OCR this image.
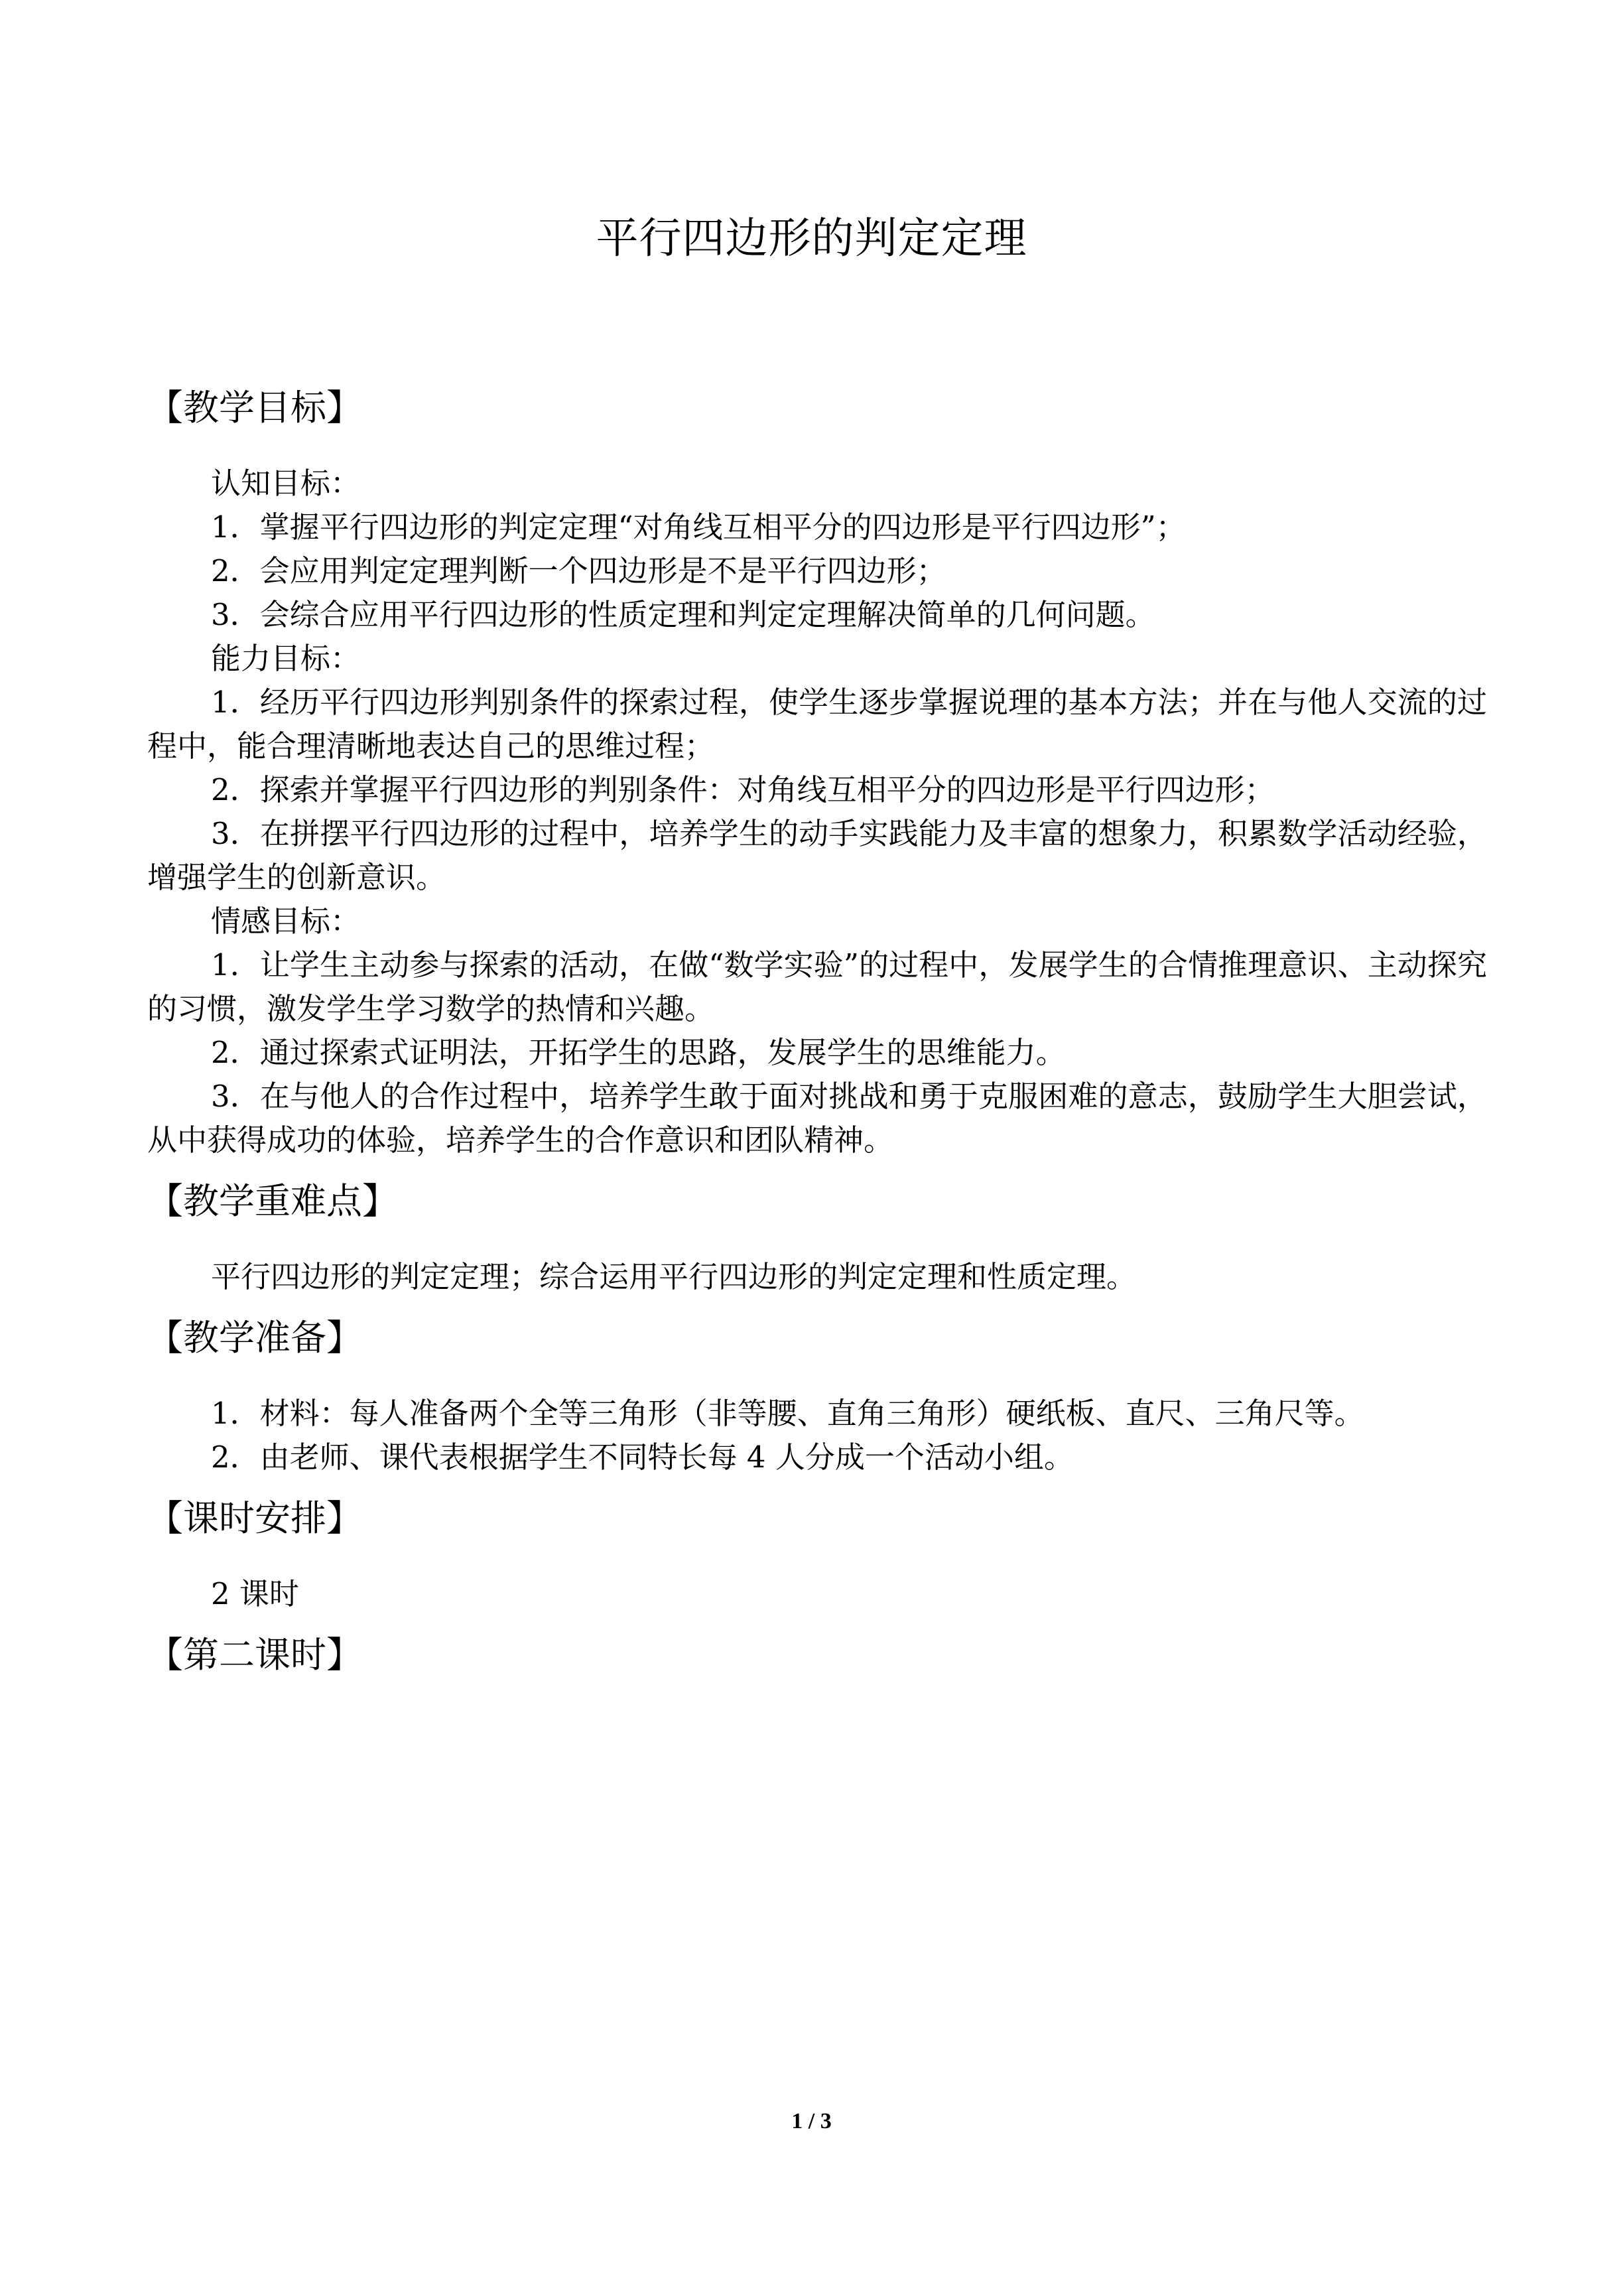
平行四边形的判定定理

【教学目标】

认知目标：

1．掌握平行四边形的判定定理“对角线互相平分的四边形是平行四边形”；

2．会应用判定定理判断一个四边形是不是平行四边形；

3．会综合应用平行四边形的性质定理和判定定理解决简单的几何问题。

能力目标：

1．经历平行四边形判别条件的探索过程，使学生逐步掌握说理的基本方法；并在与他人交流的过程中，能合理清晰地表达自己的思维过程；

2．探索并掌握平行四边形的判别条件：对角线互相平分的四边形是平行四边形；

3．在拼摆平行四边形的过程中，培养学生的动手实践能力及丰富的想象力，积累数学活动经验，增强学生的创新意识。

情感目标：

1．让学生主动参与探索的活动，在做“数学实验”的过程中，发展学生的合情推理意识、主动探究的习惯，激发学生学习数学的热情和兴趣。

2．通过探索式证明法，开拓学生的思路，发展学生的思维能力。

3．在与他人的合作过程中，培养学生敢于面对挑战和勇于克服困难的意志，鼓励学生大胆尝试，从中获得成功的体验，培养学生的合作意识和团队精神。

【教学重难点】

平行四边形的判定定理；综合运用平行四边形的判定定理和性质定理。

【教学准备】

1．材料：每人准备两个全等三角形（非等腰、直角三角形）硬纸板、直尺、三角尺等。

2．由老师、课代表根据学生不同特长每 4 人分成一个活动小组。

【课时安排】

2 课时

【第二课时】

1 / 3
